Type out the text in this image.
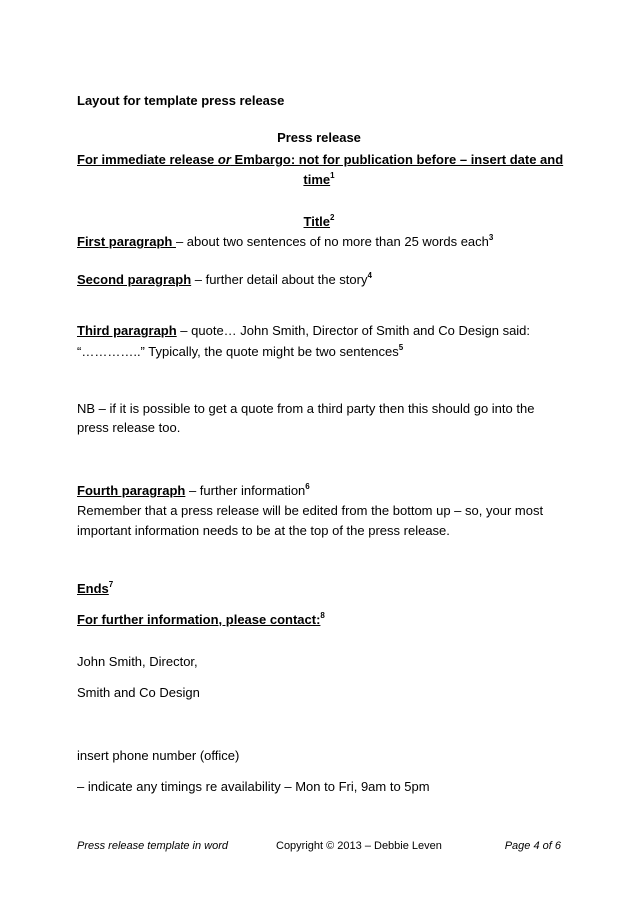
Layout for template press release
Press release
For immediate release or Embargo: not for publication before – insert date and
time$^1$
Title$^2$
First paragraph – about two sentences of no more than 25 words each$^3$
Second paragraph – further detail about the story$^4$
Third paragraph – quote… John Smith, Director of Smith and Co Design said:
“…………..” Typically, the quote might be two sentences$^5$
NB – if it is possible to get a quote from a third party then this should go into the
press release too.
Fourth paragraph – further information$^6$
Remember that a press release will be edited from the bottom up – so, your most
important information needs to be at the top of the press release.
Ends$^7$
For further information, please contact:$^8$
John Smith, Director,
Smith and Co Design
insert phone number (office)
– indicate any timings re availability – Mon to Fri, 9am to 5pm
Press release template in word	Copyright © 2013 – Debbie Leven	Page 4 of 6
